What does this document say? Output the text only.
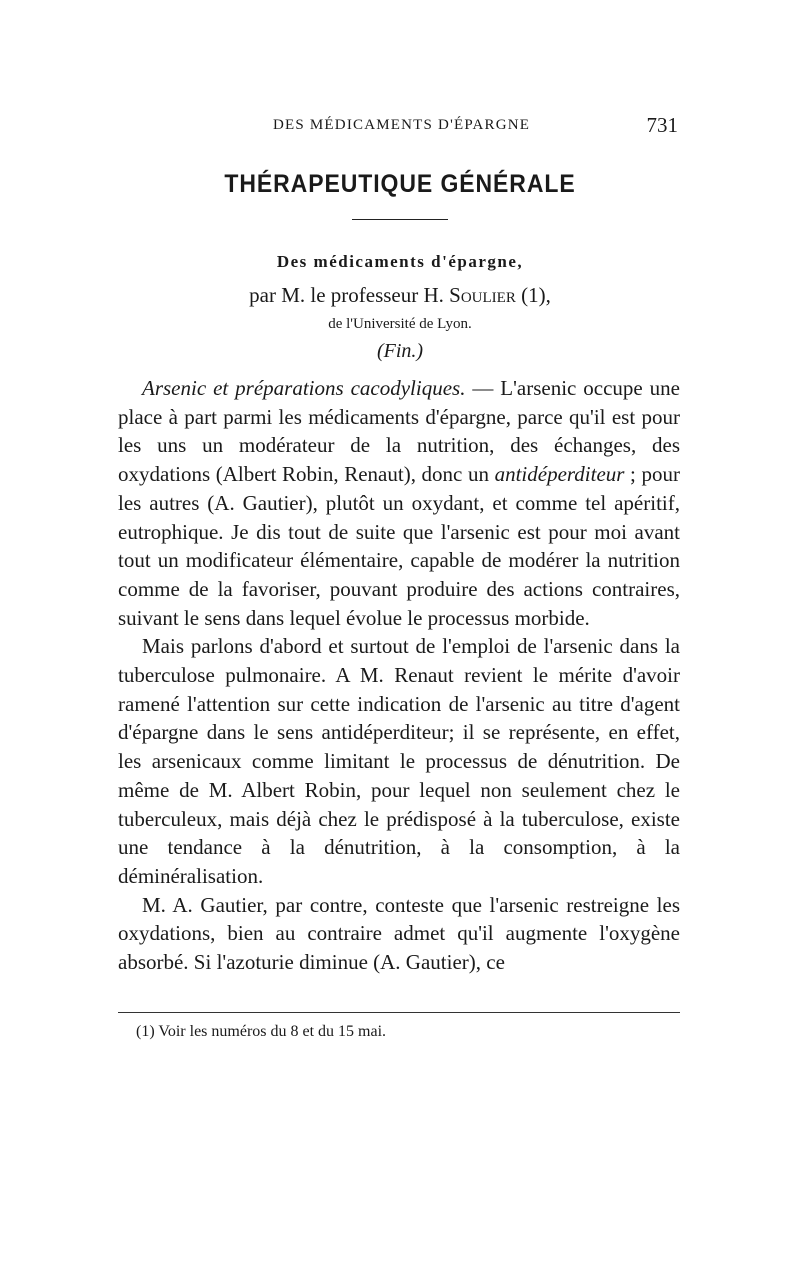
DES MÉDICAMENTS D'ÉPARGNE	731
THÉRAPEUTIQUE GÉNÉRALE
Des médicaments d'épargne,
par M. le professeur H. Soulier (1),
de l'Université de Lyon.
(Fin.)

Arsenic et préparations cacodyliques. — L'arsenic occupe une place à part parmi les médicaments d'épargne, parce qu'il est pour les uns un modérateur de la nutrition, des échanges, des oxydations (Albert Robin, Renaut), donc un antidéperditeur ; pour les autres (A. Gautier), plutôt un oxydant, et comme tel apéritif, eutrophique. Je dis tout de suite que l'arsenic est pour moi avant tout un modificateur élémentaire, capable de modérer la nutrition comme de la favoriser, pouvant produire des actions contraires, suivant le sens dans lequel évolue le processus morbide.

Mais parlons d'abord et surtout de l'emploi de l'arsenic dans la tuberculose pulmonaire. A M. Renaut revient le mérite d'avoir ramené l'attention sur cette indication de l'arsenic au titre d'agent d'épargne dans le sens antidéperditeur; il se représente, en effet, les arsenicaux comme limitant le processus de dénutrition. De même de M. Albert Robin, pour lequel non seulement chez le tuberculeux, mais déjà chez le prédisposé à la tuberculose, existe une tendance à la dénutrition, à la consomption, à la déminéralisation.

M. A. Gautier, par contre, conteste que l'arsenic restreigne les oxydations, bien au contraire admet qu'il augmente l'oxygène absorbé. Si l'azoturie diminue (A. Gautier), ce

(1) Voir les numéros du 8 et du 15 mai.
